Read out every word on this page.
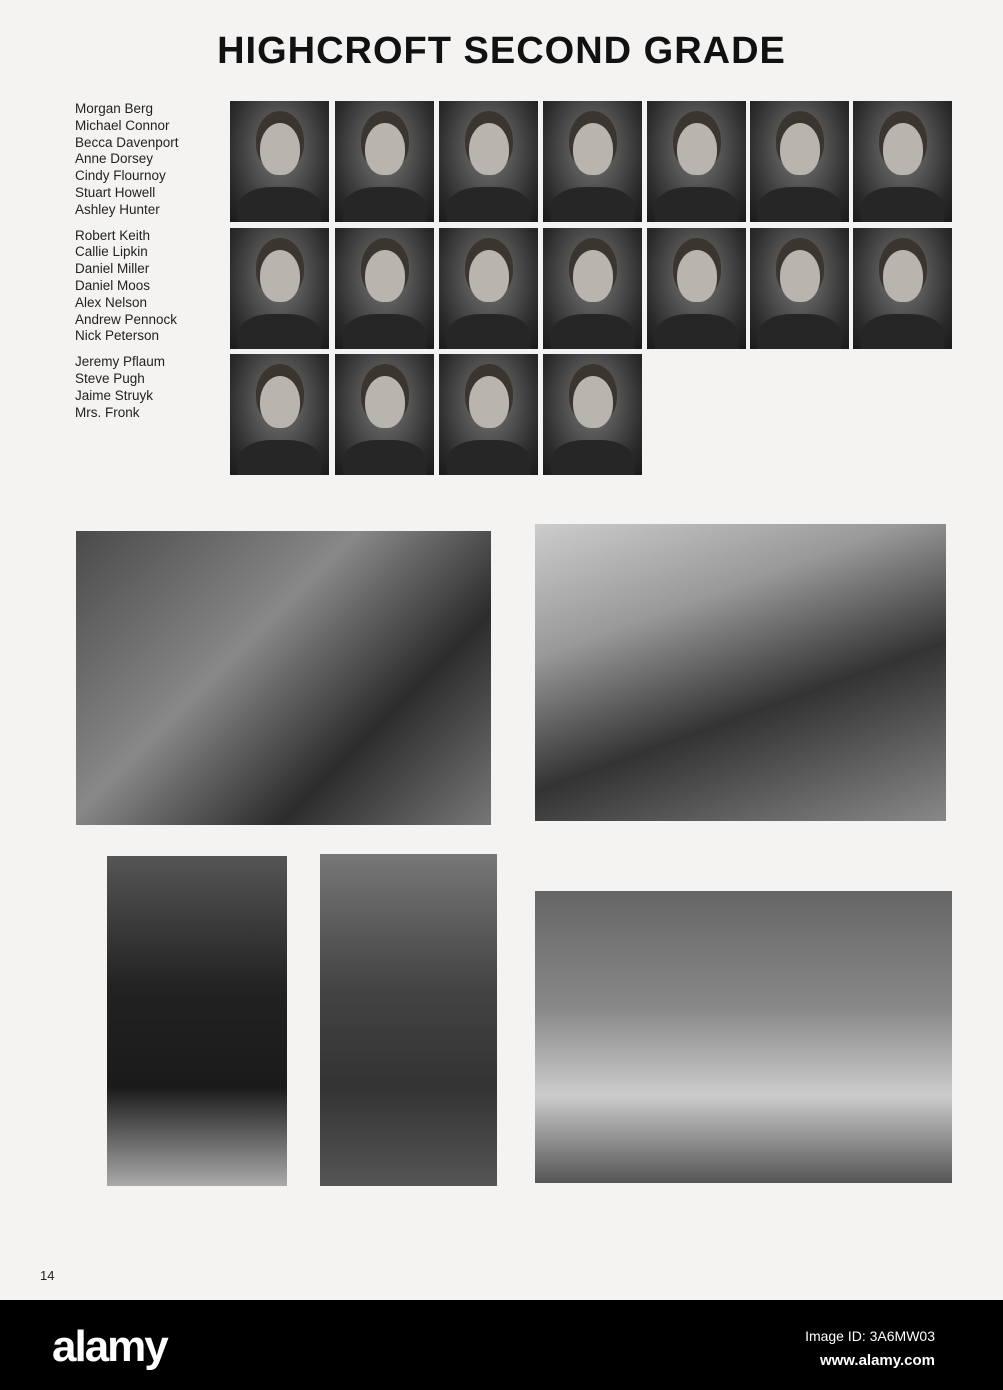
HIGHCROFT SECOND GRADE
Morgan Berg
Michael Connor
Becca Davenport
Anne Dorsey
Cindy Flournoy
Stuart Howell
Ashley Hunter
Robert Keith
Callie Lipkin
Daniel Miller
Daniel Moos
Alex Nelson
Andrew Pennock
Nick Peterson
Jeremy Pflaum
Steve Pugh
Jaime Struyk
Mrs. Fronk
14
alamy	Image ID: 3A6MW03
www.alamy.com
